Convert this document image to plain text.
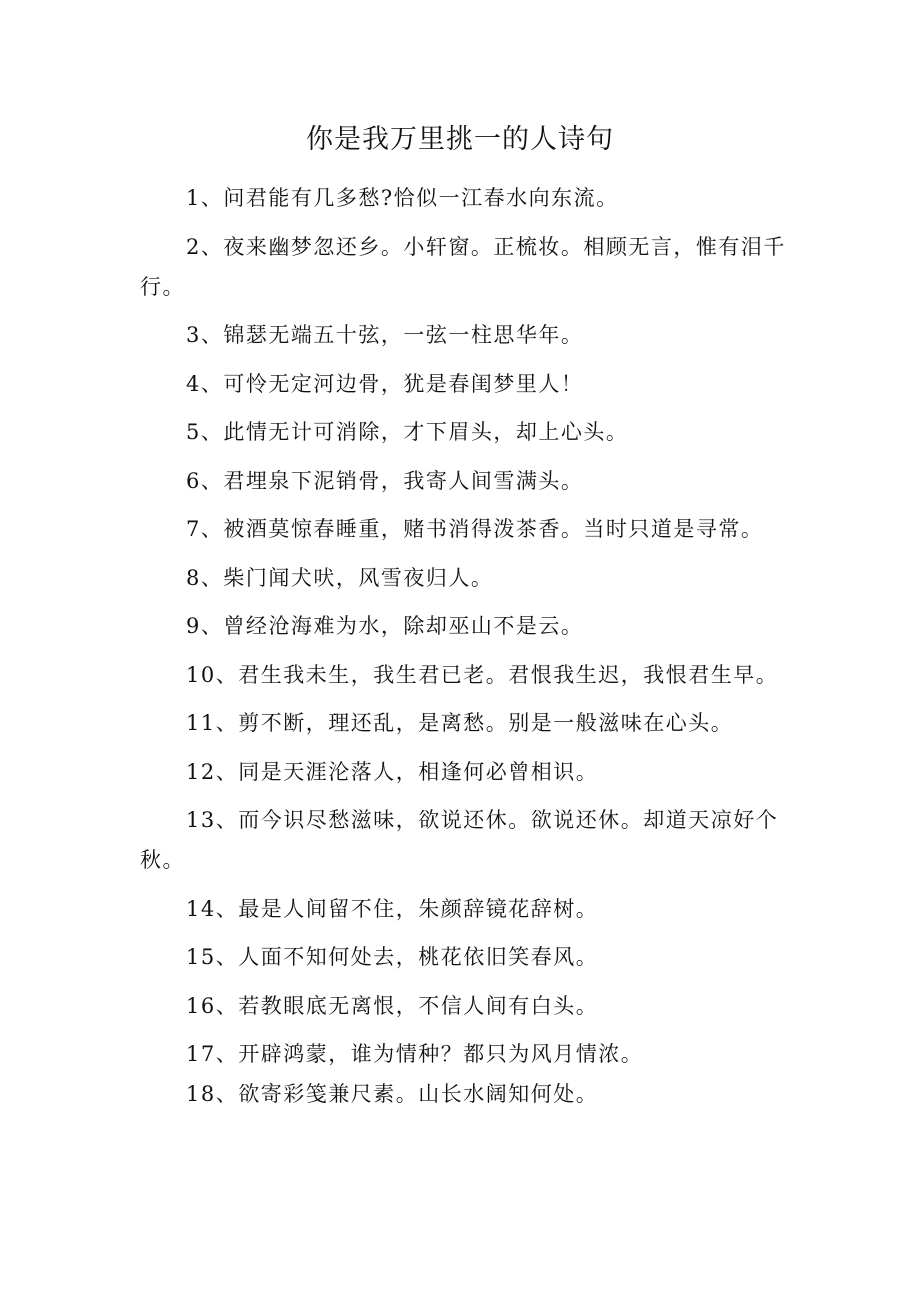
你是我万里挑一的人诗句
1、问君能有几多愁?恰似一江春水向东流。
2、夜来幽梦忽还乡。小轩窗。正梳妆。相顾无言，惟有泪千行。
3、锦瑟无端五十弦，一弦一柱思华年。
4、可怜无定河边骨，犹是春闺梦里人！
5、此情无计可消除，才下眉头，却上心头。
6、君埋泉下泥销骨，我寄人间雪满头。
7、被酒莫惊春睡重，赌书消得泼茶香。当时只道是寻常。
8、柴门闻犬吠，风雪夜归人。
9、曾经沧海难为水，除却巫山不是云。
10、君生我未生，我生君已老。君恨我生迟，我恨君生早。
11、剪不断，理还乱，是离愁。别是一般滋味在心头。
12、同是天涯沦落人，相逢何必曾相识。
13、而今识尽愁滋味，欲说还休。欲说还休。却道天凉好个秋。
14、最是人间留不住，朱颜辞镜花辞树。
15、人面不知何处去，桃花依旧笑春风。
16、若教眼底无离恨，不信人间有白头。
17、开辟鸿蒙，谁为情种？都只为风月情浓。
18、欲寄彩笺兼尺素。山长水阔知何处。
